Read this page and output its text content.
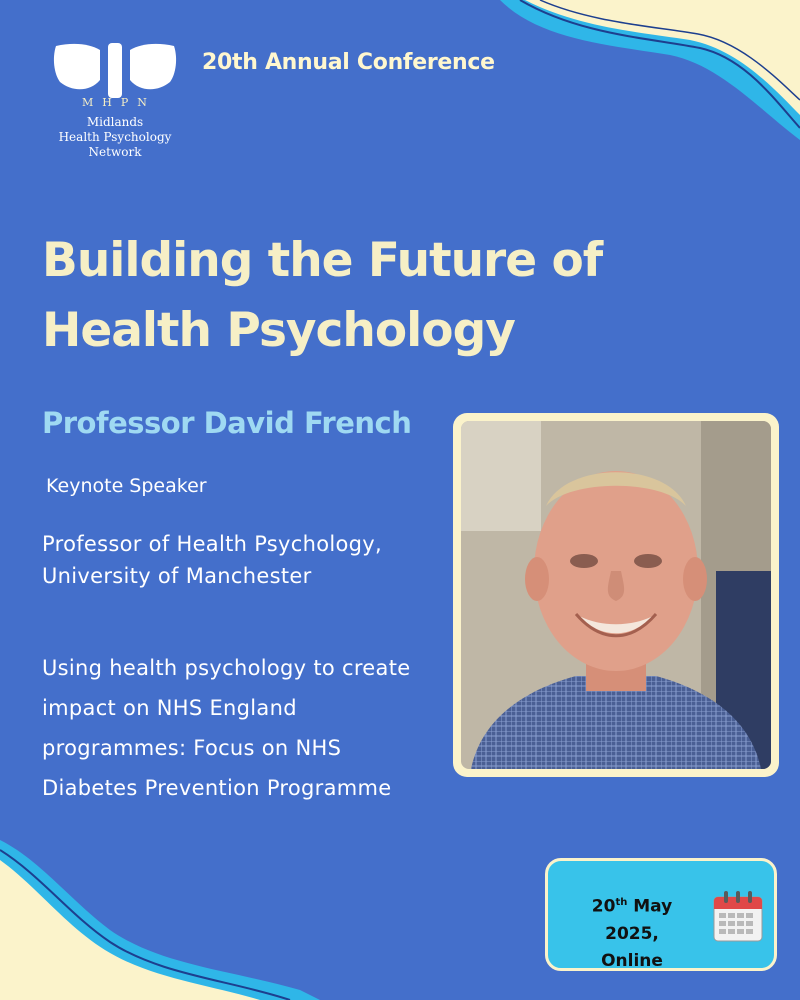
MHPN
Midlands
Health Psychology
Network
20th Annual Conference
Building the Future of
Health Psychology
Professor David French
Keynote Speaker
Professor of Health Psychology, University of Manchester
Using health psychology to create impact on NHS England programmes: Focus on NHS Diabetes Prevention Programme
20th May 2025,
Online
